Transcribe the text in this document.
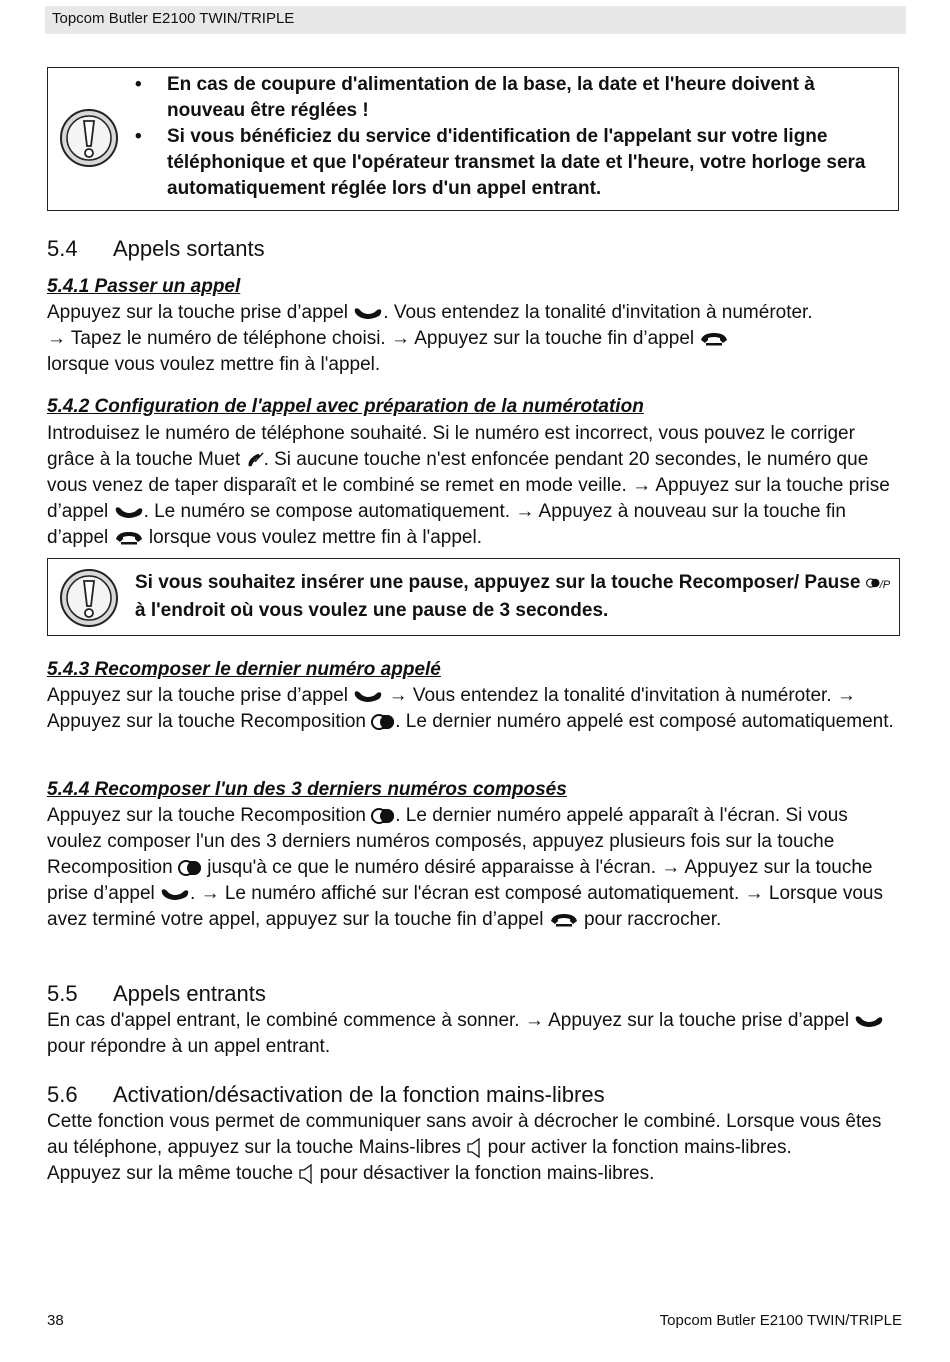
Topcom Butler E2100 TWIN/TRIPLE
• En cas de coupure d'alimentation de la base, la date et l'heure doivent à nouveau être réglées !
• Si vous bénéficiez du service d'identification de l'appelant sur votre ligne téléphonique et que l'opérateur transmet la date et l'heure, votre horloge sera automatiquement réglée lors d'un appel entrant.
5.4 Appels sortants
5.4.1 Passer un appel

Appuyez sur la touche prise d’appel . Vous entendez la tonalité d'invitation à numéroter.
→ Tapez le numéro de téléphone choisi. → Appuyez sur la touche fin d’appel
lorsque vous voulez mettre fin à l'appel.

5.4.2 Configuration de l'appel avec préparation de la numérotation

Introduisez le numéro de téléphone souhaité. Si le numéro est incorrect, vous pouvez le corriger grâce à la touche Muet . Si aucune touche n'est enfoncée pendant 20 secondes, le numéro que vous venez de taper disparaît et le combiné se remet en mode veille. → Appuyez sur la touche prise d’appel . Le numéro se compose automatiquement. → Appuyez à nouveau sur la touche fin d’appel  lorsque vous voulez mettre fin à l'appel.

Si vous souhaitez insérer une pause, appuyez sur la touche Recomposer/ Pause /P à l'endroit où vous voulez une pause de 3 secondes.
5.4.3 Recomposer le dernier numéro appelé

Appuyez sur la touche prise d’appel  → Vous entendez la tonalité d'invitation à numéroter. → Appuyez sur la touche Recomposition . Le dernier numéro appelé est composé automatiquement.

5.4.4 Recomposer l'un des 3 derniers numéros composés

Appuyez sur la touche Recomposition . Le dernier numéro appelé apparaît à l'écran. Si vous voulez composer l'un des 3 derniers numéros composés, appuyez plusieurs fois sur la touche Recomposition  jusqu'à ce que le numéro désiré apparaisse à l'écran. → Appuyez sur la touche prise d’appel . → Le numéro affiché sur l'écran est composé automatiquement. → Lorsque vous avez terminé votre appel, appuyez sur la touche fin d’appel  pour raccrocher.

5.5 Appels entrants

En cas d'appel entrant, le combiné commence à sonner. → Appuyez sur la touche prise d’appel  pour répondre à un appel entrant.

5.6 Activation/désactivation de la fonction mains-libres

Cette fonction vous permet de communiquer sans avoir à décrocher le combiné. Lorsque vous êtes au téléphone, appuyez sur la touche Mains-libres  pour activer la fonction mains-libres.
Appuyez sur la même touche  pour désactiver la fonction mains-libres.

38	Topcom Butler E2100 TWIN/TRIPLE
